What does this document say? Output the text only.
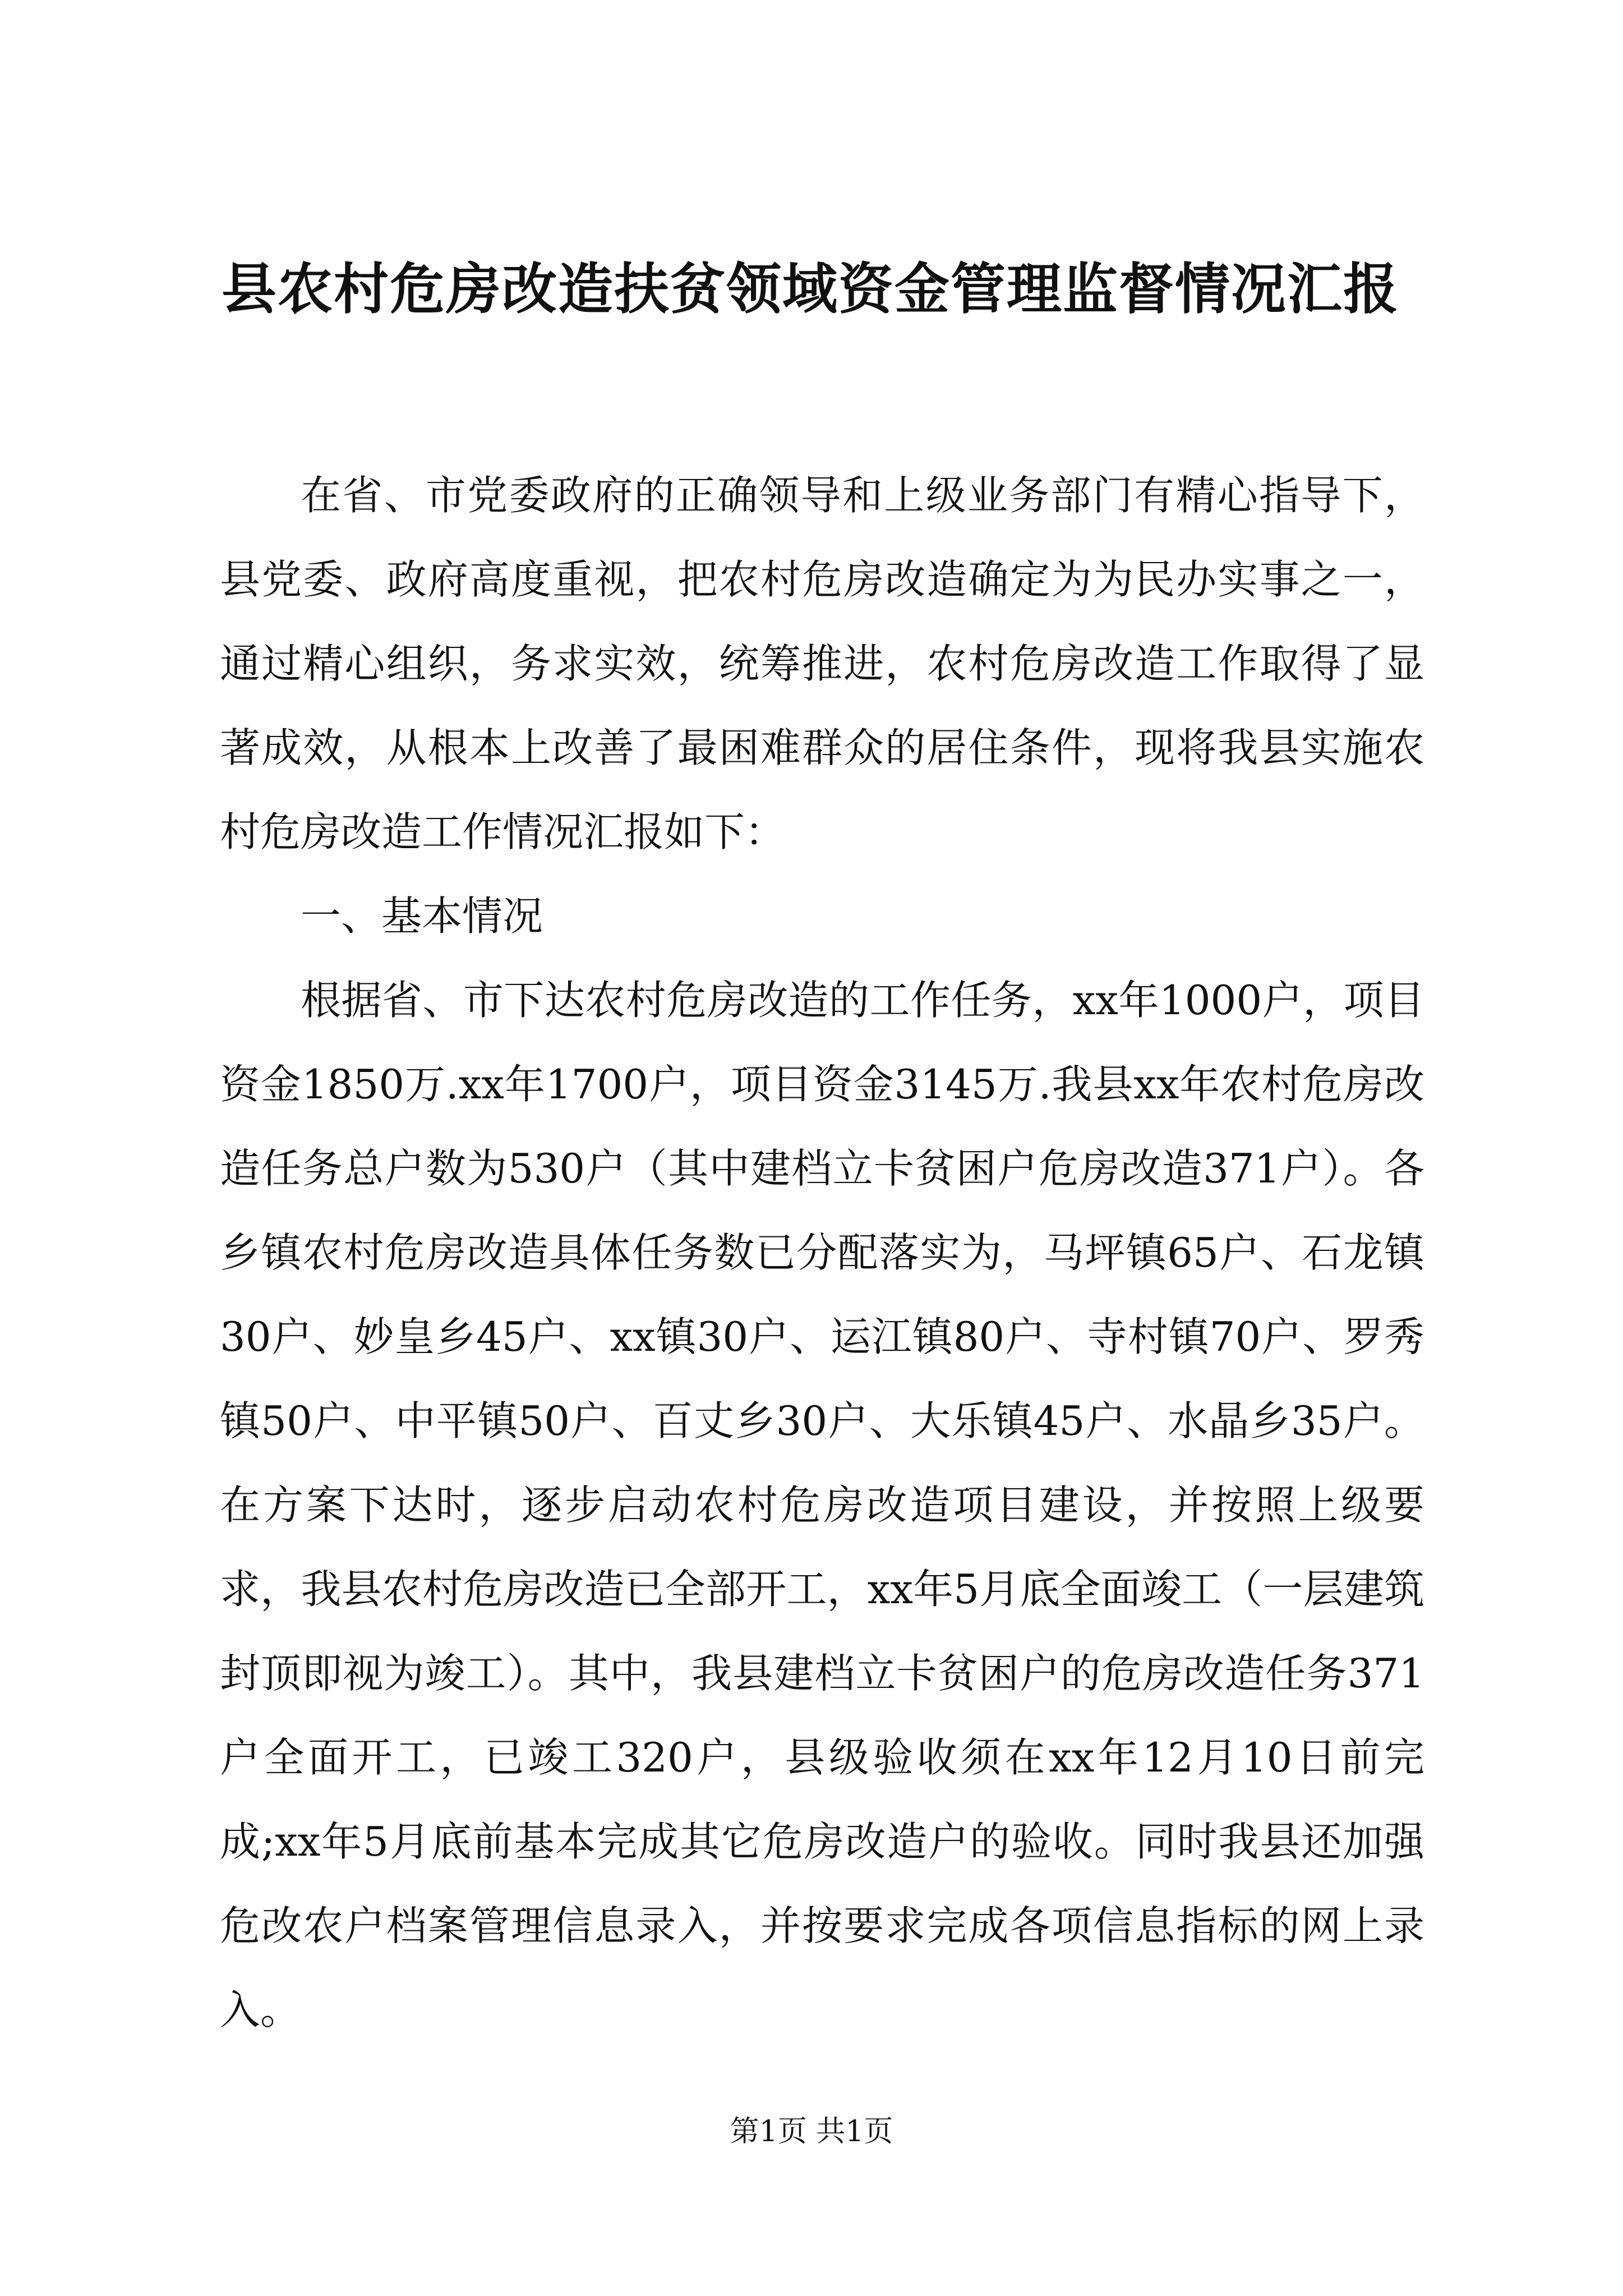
县农村危房改造扶贫领域资金管理监督情况汇报

在省、市党委政府的正确领导和上级业务部门有精心指导下，县党委、政府高度重视，把农村危房改造确定为为民办实事之一，通过精心组织，务求实效，统筹推进，农村危房改造工作取得了显著成效，从根本上改善了最困难群众的居住条件，现将我县实施农村危房改造工作情况汇报如下：

一、基本情况

根据省、市下达农村危房改造的工作任务，xx年1000户，项目资金1850万.xx年1700户，项目资金3145万.我县xx年农村危房改造任务总户数为530户（其中建档立卡贫困户危房改造371户）。各乡镇农村危房改造具体任务数已分配落实为，马坪镇65户、石龙镇30户、妙皇乡45户、xx镇30户、运江镇80户、寺村镇70户、罗秀镇50户、中平镇50户、百丈乡30户、大乐镇45户、水晶乡35户。在方案下达时，逐步启动农村危房改造项目建设，并按照上级要求，我县农村危房改造已全部开工，xx年5月底全面竣工（一层建筑封顶即视为竣工）。其中，我县建档立卡贫困户的危房改造任务371户全面开工，已竣工320户，县级验收须在xx年12月10日前完成;xx年5月底前基本完成其它危房改造户的验收。同时我县还加强危改农户档案管理信息录入，并按要求完成各项信息指标的网上录入。

第1页 共1页
